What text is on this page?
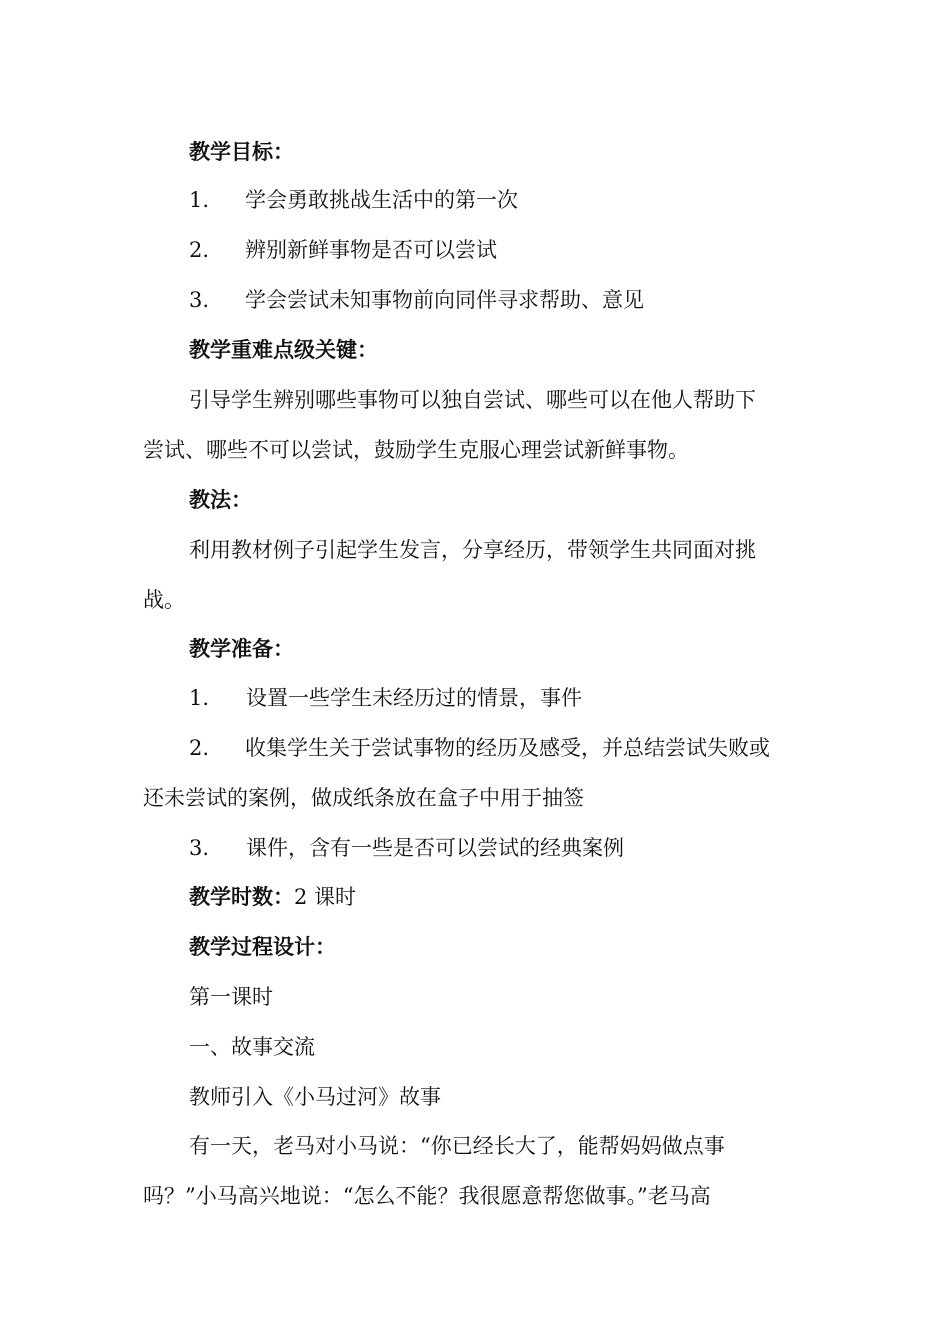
教学目标：
1. 学会勇敢挑战生活中的第一次
2. 辨别新鲜事物是否可以尝试
3. 学会尝试未知事物前向同伴寻求帮助、意见
教学重难点级关键：
引导学生辨别哪些事物可以独自尝试、哪些可以在他人帮助下
尝试、哪些不可以尝试，鼓励学生克服心理尝试新鲜事物。
教法：
利用教材例子引起学生发言，分享经历，带领学生共同面对挑
战。
教学准备：
1. 设置一些学生未经历过的情景，事件
2. 收集学生关于尝试事物的经历及感受，并总结尝试失败或
还未尝试的案例，做成纸条放在盒子中用于抽签
3. 课件，含有一些是否可以尝试的经典案例
教学时数：2 课时
教学过程设计：
第一课时
一、故事交流
教师引入《小马过河》故事
有一天，老马对小马说：“你已经长大了，能帮妈妈做点事
吗？”小马高兴地说：“怎么不能？我很愿意帮您做事。”老马高
